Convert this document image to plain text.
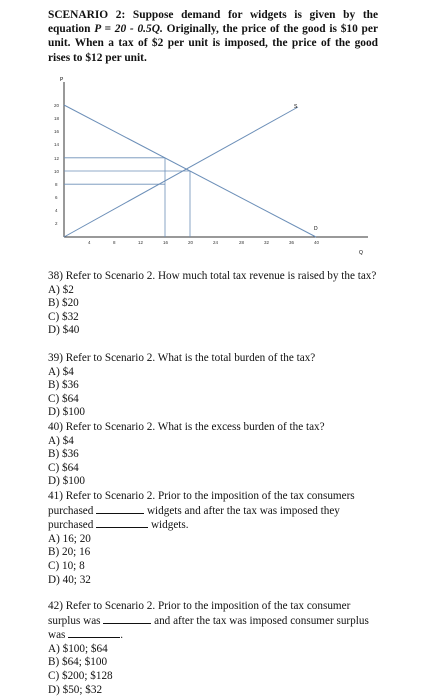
SCENARIO 2: Suppose demand for widgets is given by the equation P = 20 - 0.5Q. Originally, the price of the good is $10 per unit. When a tax of $2 per unit is imposed, the price of the good rises to $12 per unit.
P
Q
2
4
6
8
10
12
14
16
18
20
4	8	12	16	20	24	28	32	36	40
S
D

38) Refer to Scenario 2. How much total tax revenue is raised by the tax?

A) $2

B) $20

C) $32

D) $40

39) Refer to Scenario 2. What is the total burden of the tax?

A) $4

B) $36

C) $64

D) $100

40) Refer to Scenario 2. What is the excess burden of the tax?

A) $4

B) $36

C) $64

D) $100

41) Refer to Scenario 2. Prior to the imposition of the tax consumers purchased	widgets and after the tax was imposed they purchased	widgets.

A) 16; 20

B) 20; 16

C) 10; 8

D) 40; 32

42) Refer to Scenario 2. Prior to the imposition of the tax consumer surplus was	and after the tax was imposed consumer surplus was	.

A) $100; $64

B) $64; $100

C) $200; $128

D) $50; $32
